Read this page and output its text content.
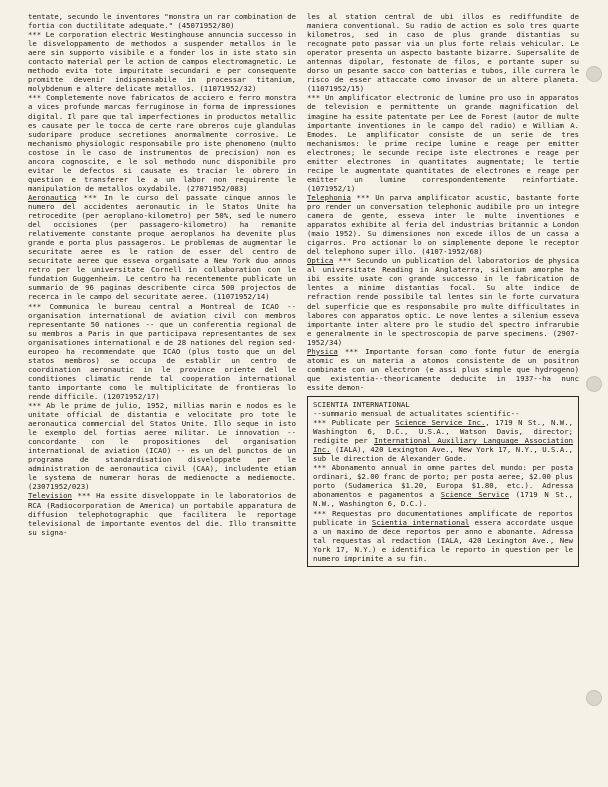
tentate, secundo le inventores "monstra un rar combination de fortia con ductilitate adequate." (45071952/80)

*** Le corporation electric Westinghouse annuncia successo in le disveloppamento de methodos a suspender metallos in le aere sin supporto visibile e a fonder los in iste stato sin contacto material per le action de campos electromagnetic. Le methodo evita tote impuritate secundari e per consequente promitte devenir indispensabile in processar titanium, molybdenum e altere delicate metallos. (11071952/32)

*** Completemente nove fabricatos de acciero e ferro monstra a vices profunde marcas ferruginose in forma de impressiones digital. Il pare que tal imperfectiones in productos metallic es causate per le tocca de certe rare obreros cuje glandulas sudoripare produce secretiones anormalmente corrosive. Le mechanismo physiologic responsabile pro iste phenomeno (multo costose in le caso de instrumentos de precision) non es ancora cognoscite, e le sol methodo nunc disponibile pro evitar le defectos si causate es traciar le obrero in question e transferer le a un labor non requirente le manipulation de metallos oxydabile. (27071952/083)

Aeronautica *** In le curso del passate cinque annos le numero del accidentes aeronautic in le Statos Unite ha retrocedite (per aeroplano-kilometro) per 50%, sed le numero del occisiones (per passagero-kilometro) ha remanite relativemente constante proque aeroplanos ha devenite plus grande e porta plus passageros. Le problemas de augmentar le securitate aeree es le ration de esser del centro de securitate aeree que esseva organisate a New York duo annos retro per le universitate Cornell in collaboration con le fundation Guggenheim. Le centro ha recentemente publicate un summario de 96 paginas describente circa 500 projectos de recerca in le campo del securitate aeree. (11071952/14)

*** Communica le bureau central a Montreal de ICAO -- organisation international de aviation civil con membros representante 50 nationes -- que un conferentia regional de su membros a Paris in que participava representantes de sex organisationes international e de 28 nationes del region sed-europeo ha recommendate que ICAO (plus tosto que un del statos membros) se occupa de establir un centro de coordination aeronautic in le province oriente del le conditiones climatic rende tal cooperation international tanto importante como le multiplicitate de frontieras lo rende difficile. (12071952/17)

*** Ab le prime de julio, 1952, millias marin e nodos es le unitate official de distantia e velocitate pro tote le aeronautica commercial del Statos Unite. Illo seque in isto le exemplo del fortias aeree militar. Le innovation -- concordante con le propositiones del organisation international de aviation (ICAO) -- es un del punctos de un programa de standardisation disveloppate per le administration de aeronautica civil (CAA), includente etiam le systema de numerar horas de medienocte a mediemocte. (23071952/023)

Television *** Ha essite disveloppate in le laboratorios de RCA (Radiocorporation de America) un portabile apparatura de diffusion telephotographic que facilitera le reportage televisional de importante eventos del die. Illo transmitte su signa-

les al station central de ubi illos es rediffundite de maniera conventional. Su radio de action es solo tres quarte kilometros, sed in caso de plus grande distantias su recognate poto passar via un plus forte relais vehicular. Le operator presenta un aspecto bastante bizarre. Supersalite de antennas dipolar, festonate de filos, e portante super su dorso un pesante sacco con batterias e tubos, ille currera le risco de esser attaccate como invasor de un altere planeta. (11071952/15)

*** Un amplificator electronic de lumine pro uso in apparatos de television e permittente un grande magnification del imagine ha essite patentate per Lee de Forest (autor de multe importante inventiones in le campo del radio) e William A. Emodes. Le amplificator consiste de un serie de tres mechanismos: le prime recipe lumine e reage per emitter electrones; le secunde recipe iste electrones e reage per emitter electrones in quantitates augmentate; le tertie recipe le augmentate quantitates de electrones e reage per emitter un lumine correspondentemente reinfortiate. (1071952/1)

Telephonia *** Un parva amplificator acustic, bastante forte pro render un conversation telephonic audibile pro un integre camera de gente, esseva inter le multe inventiones e apparatos exhibite al feria del industrias britannic a London (maio 1952). Su dimensiones non excede illos de un cassa a cigarros. Pro actionar lo on simplemente depone le receptor del telephono super illo. (4107-1952/68)

Optica *** Secundo un publication del laboratorios de physica al universitate Reading in Anglaterra, silenium amorphe ha ibi essite usate con grande successo in le fabrication de lentes a minime distantias focal. Su alte indice de refraction rende possibile tal lentes sin le forte curvatura del superficie que es responsabile pro multe difficultates in labores con apparatos optic. Le nove lentes a silenium esseva importante inter altere pro le studio del spectro infrarubie e generalmente in le spectroscopia de parve specimens. (2907-1952/34)

Physica *** Importante forsan como fonte futur de energia atomic es un materia a atomos consistente de un positron combinate con un electron (e assi plus simple que hydrogeno) que existentia--theoricamente deducite in 1937--ha nunc essite demon-

SCIENTIA INTERNATIONAL

--summario mensual de actualitates scientific--

*** Publicate per Science Service Inc., 1719 N St., N.W., Washington 6, D.C., U.S.A., Watson Davis, director; redigite per International Auxiliary Language Association Inc. (IALA), 420 Lexington Ave., New York 17, N.Y., U.S.A., sub le direction de Alexander Gode.

*** Abonamento annual in omne partes del mundo: per posta ordinari, $2.00 franc de porto; per posta aeree, $2.00 plus porto (Sudamerica $1.20, Europa $1.80, etc.). Adressa abonamentos e pagamentos a Science Service (1719 N St., N.W., Washington 6, D.C.).

*** Requestas pro documentationes amplificate de reportos publicate in Scientia international essera accordate usque a un maximo de dece reportos per anno e abonante. Adressa tal requestas al redaction (IALA, 420 Lexington Ave., New York 17, N.Y.) e identifica le reporto in question per le numero imprimite a su fin.
